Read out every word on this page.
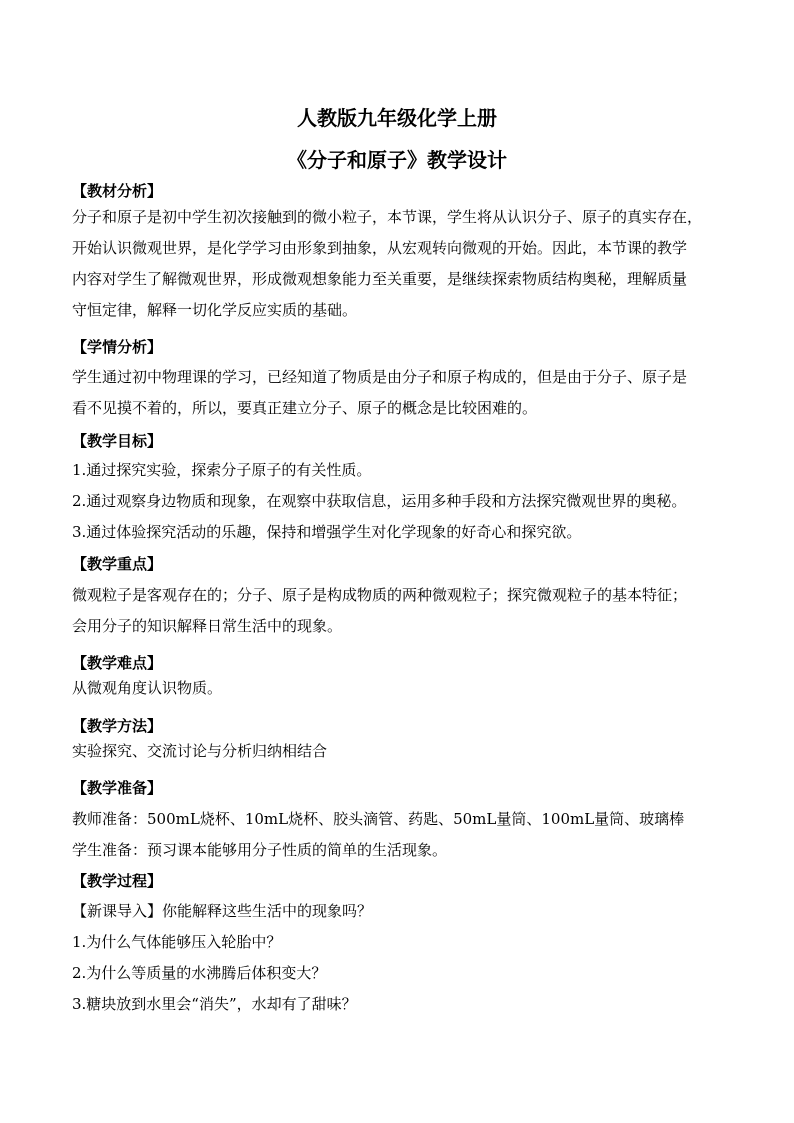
人教版九年级化学上册
《分子和原子》教学设计
【教材分析】
分子和原子是初中学生初次接触到的微小粒子，本节课，学生将从认识分子、原子的真实存在，
开始认识微观世界，是化学学习由形象到抽象，从宏观转向微观的开始。因此，本节课的教学
内容对学生了解微观世界，形成微观想象能力至关重要，是继续探索物质结构奥秘，理解质量
守恒定律，解释一切化学反应实质的基础。
【学情分析】
学生通过初中物理课的学习，已经知道了物质是由分子和原子构成的，但是由于分子、原子是
看不见摸不着的，所以，要真正建立分子、原子的概念是比较困难的。
【教学目标】
1.通过探究实验，探索分子原子的有关性质。
2.通过观察身边物质和现象，在观察中获取信息，运用多种手段和方法探究微观世界的奥秘。
3.通过体验探究活动的乐趣，保持和增强学生对化学现象的好奇心和探究欲。
【教学重点】
微观粒子是客观存在的；分子、原子是构成物质的两种微观粒子；探究微观粒子的基本特征；
会用分子的知识解释日常生活中的现象。
【教学难点】
从微观角度认识物质。
【教学方法】
实验探究、交流讨论与分析归纳相结合
【教学准备】
教师准备：500mL烧杯、10mL烧杯、胶头滴管、药匙、50mL量筒、100mL量筒、玻璃棒
学生准备：预习课本能够用分子性质的简单的生活现象。
【教学过程】
【新课导入】你能解释这些生活中的现象吗？
1.为什么气体能够压入轮胎中？
2.为什么等质量的水沸腾后体积变大？
3.糖块放到水里会“消失”，水却有了甜味？
